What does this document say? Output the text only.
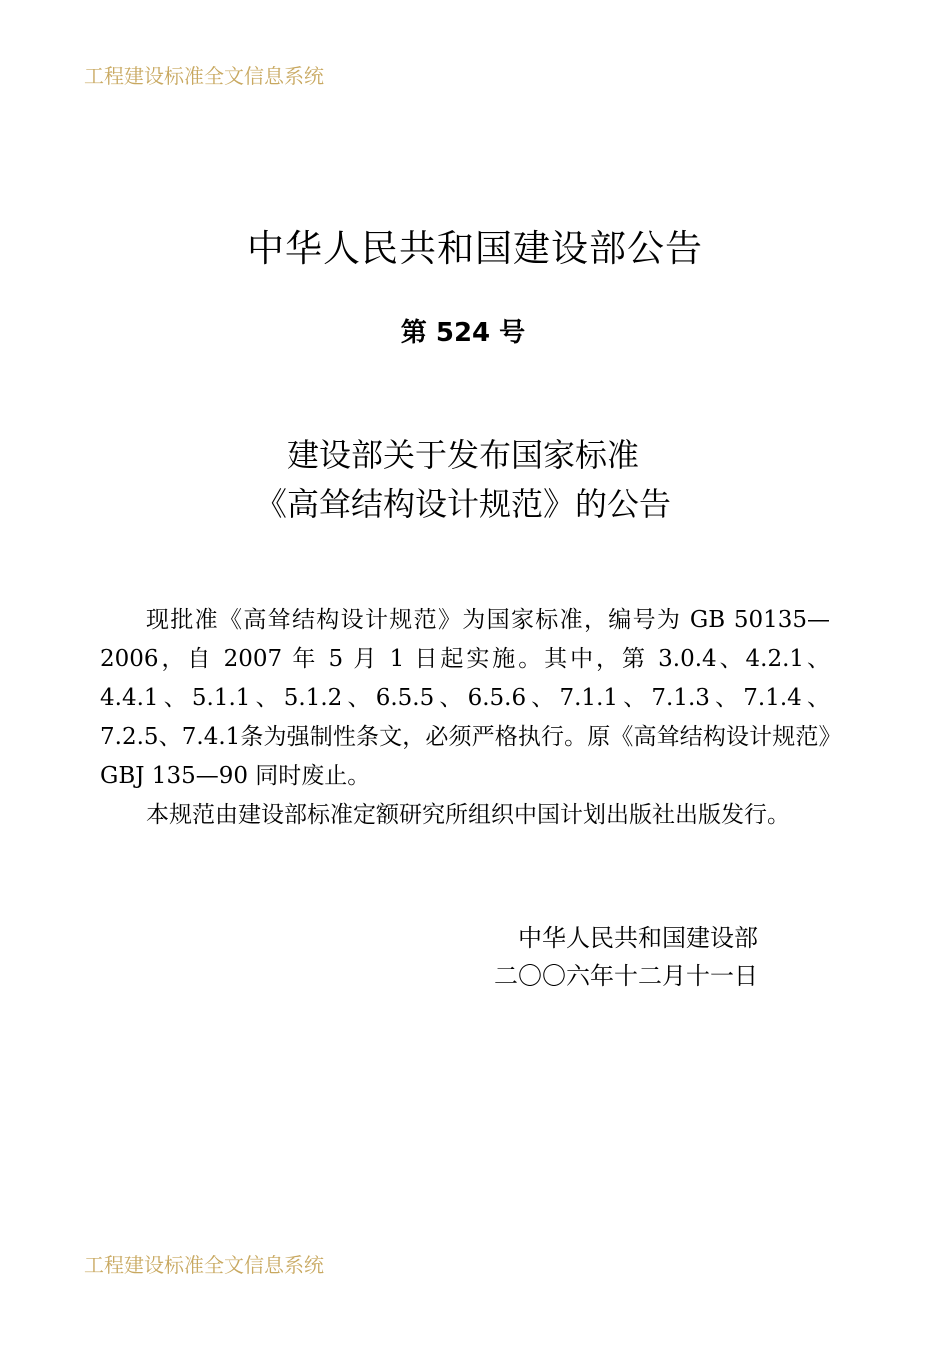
工程建设标准全文信息系统
中华人民共和国建设部公告
第 524 号
建设部关于发布国家标准
《高耸结构设计规范》的公告
现批准《高耸结构设计规范》为国家标准，编号为 GB 50135—2006，自 2007 年 5 月 1 日起实施。其中，第 3.0.4、4.2.1、4.4.1、5.1.1、5.1.2、6.5.5、6.5.6、7.1.1、7.1.3、7.1.4、7.2.5、7.4.1条为强制性条文，必须严格执行。原《高耸结构设计规范》GBJ 135—90 同时废止。
本规范由建设部标准定额研究所组织中国计划出版社出版发行。
中华人民共和国建设部
二〇〇六年十二月十一日
工程建设标准全文信息系统
